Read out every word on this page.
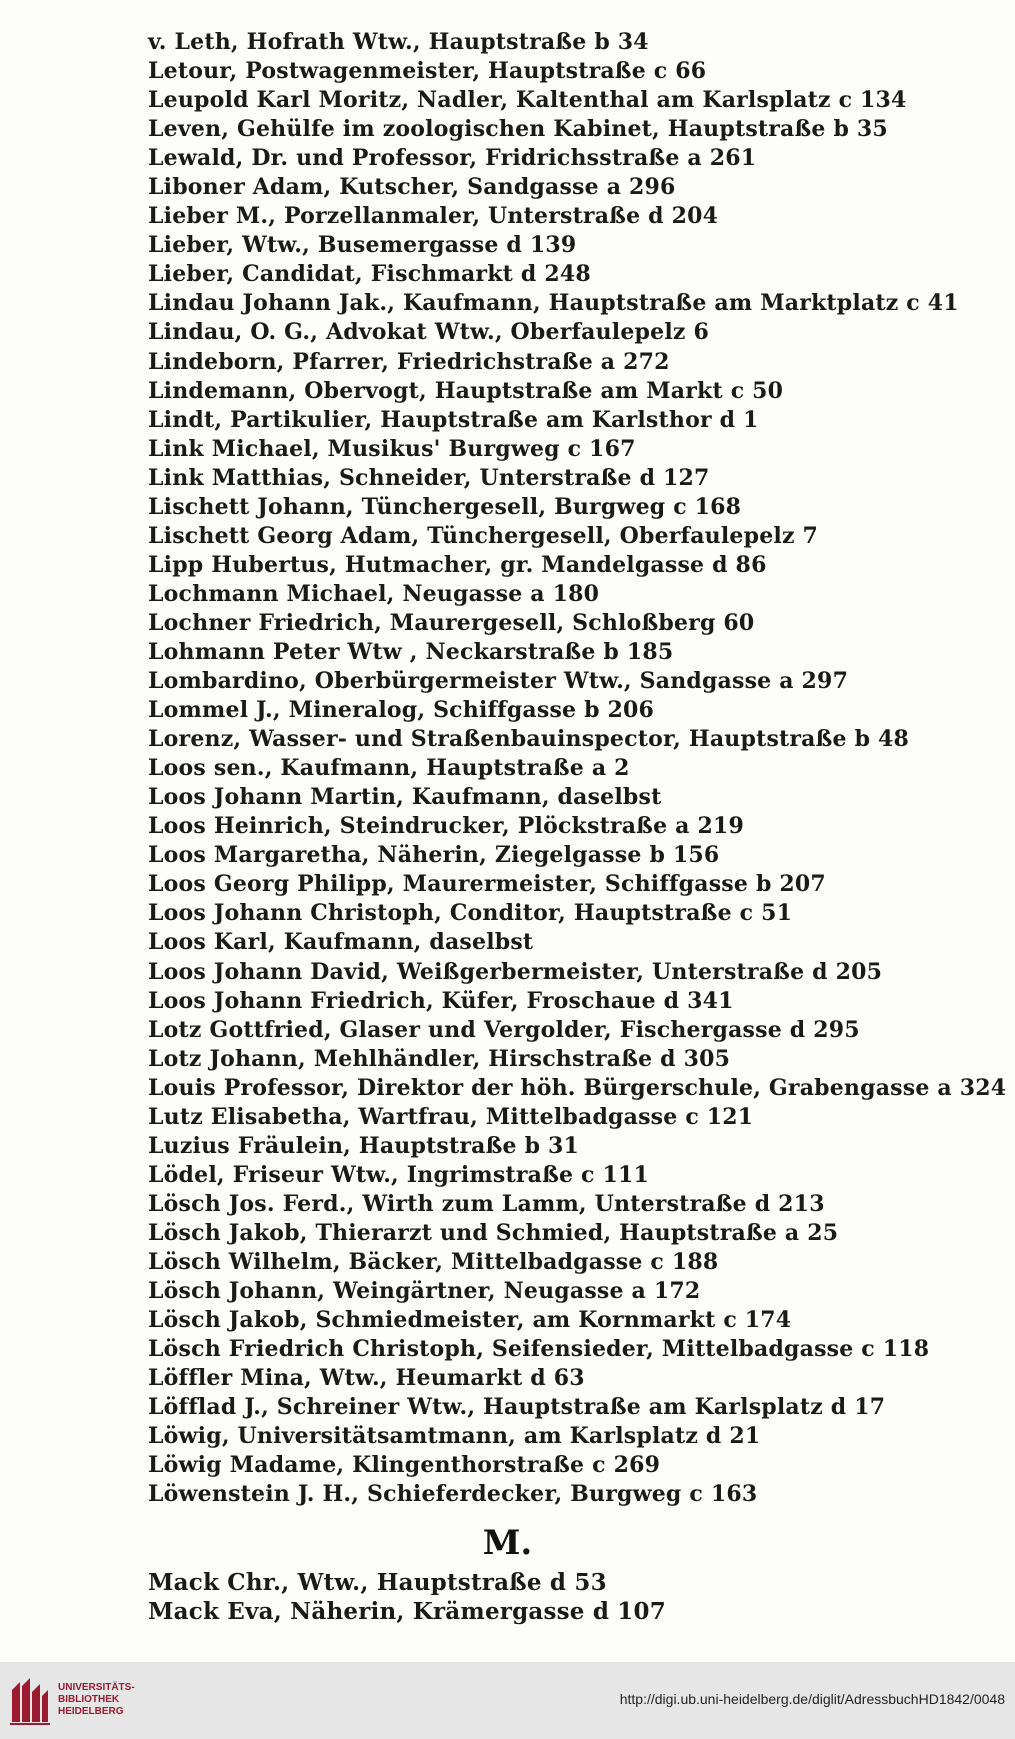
v. Leth, Hofrath Wtw., Hauptstraße b 34
Letour, Postwagenmeister, Hauptstraße c 66
Leupold Karl Moritz, Nadler, Kaltenthal am Karlsplatz c 134
Leven, Gehülfe im zoologischen Kabinet, Hauptstraße b 35
Lewald, Dr. und Professor, Fridrichsstraße a 261
Liboner Adam, Kutscher, Sandgasse a 296
Lieber M., Porzellanmaler, Unterstraße d 204
Lieber, Wtw., Busemergasse d 139
Lieber, Candidat, Fischmarkt d 248
Lindau Johann Jak., Kaufmann, Hauptstraße am Marktplatz c 41
Lindau, O. G., Advokat Wtw., Oberfaulepelz 6
Lindeborn, Pfarrer, Friedrichstraße a 272
Lindemann, Obervogt, Hauptstraße am Markt c 50
Lindt, Partikulier, Hauptstraße am Karlsthor d 1
Link Michael, Musikus' Burgweg c 167
Link Matthias, Schneider, Unterstraße d 127
Lischett Johann, Tünchergesell, Burgweg c 168
Lischett Georg Adam, Tünchergesell, Oberfaulepelz 7
Lipp Hubertus, Hutmacher, gr. Mandelgasse d 86
Lochmann Michael, Neugasse a 180
Lochner Friedrich, Maurergesell, Schloßberg 60
Lohmann Peter Wtw , Neckarstraße b 185
Lombardino, Oberbürgermeister Wtw., Sandgasse a 297
Lommel J., Mineralog, Schiffgasse b 206
Lorenz, Wasser- und Straßenbauinspector, Hauptstraße b 48
Loos sen., Kaufmann, Hauptstraße a 2
Loos Johann Martin, Kaufmann, daselbst
Loos Heinrich, Steindrucker, Plöckstraße a 219
Loos Margaretha, Näherin, Ziegelgasse b 156
Loos Georg Philipp, Maurermeister, Schiffgasse b 207
Loos Johann Christoph, Conditor, Hauptstraße c 51
Loos Karl, Kaufmann, daselbst
Loos Johann David, Weißgerbermeister, Unterstraße d 205
Loos Johann Friedrich, Küfer, Froschaue d 341
Lotz Gottfried, Glaser und Vergolder, Fischergasse d 295
Lotz Johann, Mehlhändler, Hirschstraße d 305
Louis Professor, Direktor der höh. Bürgerschule, Grabengasse a 324
Lutz Elisabetha, Wartfrau, Mittelbadgasse c 121
Luzius Fräulein, Hauptstraße b 31
Lödel, Friseur Wtw., Ingrimstraße c 111
Lösch Jos. Ferd., Wirth zum Lamm, Unterstraße d 213
Lösch Jakob, Thierarzt und Schmied, Hauptstraße a 25
Lösch Wilhelm, Bäcker, Mittelbadgasse c 188
Lösch Johann, Weingärtner, Neugasse a 172
Lösch Jakob, Schmiedmeister, am Kornmarkt c 174
Lösch Friedrich Christoph, Seifensieder, Mittelbadgasse c 118
Löffler Mina, Wtw., Heumarkt d 63
Löfflad J., Schreiner Wtw., Hauptstraße am Karlsplatz d 17
Löwig, Universitätsamtmann, am Karlsplatz d 21
Löwig Madame, Klingenthorstraße c 269
Löwenstein J. H., Schieferdecker, Burgweg c 163
M.
Mack Chr., Wtw., Hauptstraße d 53
Mack Eva, Näherin, Krämergasse d 107
UNIVERSITÄTS-
BIBLIOTHEK
HEIDELBERG
http://digi.ub.uni-heidelberg.de/diglit/AdressbuchHD1842/0048
